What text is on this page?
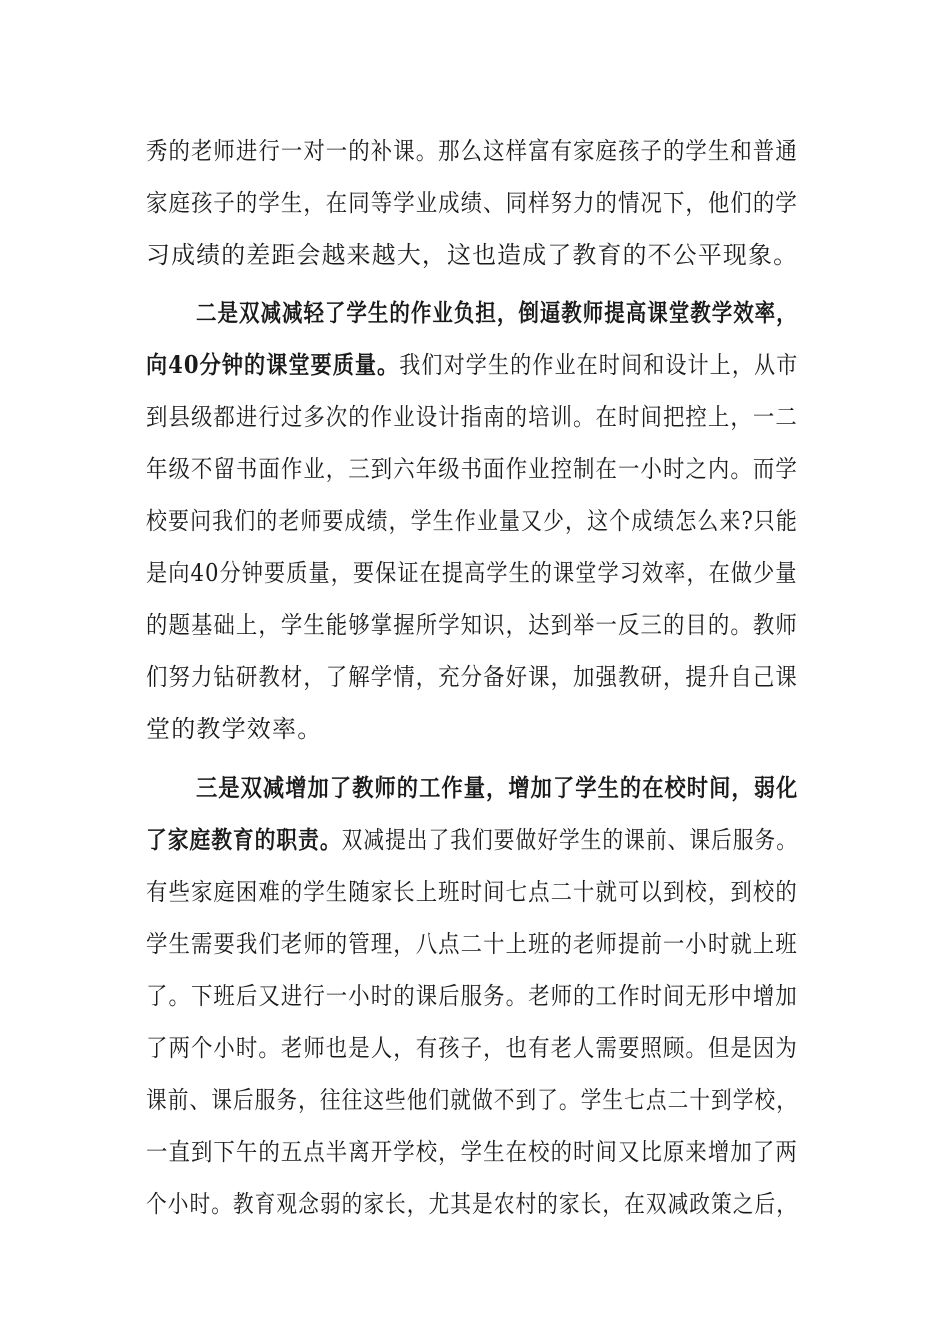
秀的老师进行一对一的补课。那么这样富有家庭孩子的学生和普通
家庭孩子的学生，在同等学业成绩、同样努力的情况下，他们的学
习成绩的差距会越来越大，这也造成了教育的不公平现象。
二是双减减轻了学生的作业负担，倒逼教师提高课堂教学效率，
向40分钟的课堂要质量。我们对学生的作业在时间和设计上，从市
到县级都进行过多次的作业设计指南的培训。在时间把控上，一二
年级不留书面作业，三到六年级书面作业控制在一小时之内。而学
校要问我们的老师要成绩，学生作业量又少，这个成绩怎么来?只能
是向40分钟要质量，要保证在提高学生的课堂学习效率，在做少量
的题基础上，学生能够掌握所学知识，达到举一反三的目的。教师
们努力钻研教材，了解学情，充分备好课，加强教研，提升自己课
堂的教学效率。
三是双减增加了教师的工作量，增加了学生的在校时间，弱化
了家庭教育的职责。双减提出了我们要做好学生的课前、课后服务。
有些家庭困难的学生随家长上班时间七点二十就可以到校，到校的
学生需要我们老师的管理，八点二十上班的老师提前一小时就上班
了。下班后又进行一小时的课后服务。老师的工作时间无形中增加
了两个小时。老师也是人，有孩子，也有老人需要照顾。但是因为
课前、课后服务，往往这些他们就做不到了。学生七点二十到学校，
一直到下午的五点半离开学校，学生在校的时间又比原来增加了两
个小时。教育观念弱的家长，尤其是农村的家长，在双减政策之后，
